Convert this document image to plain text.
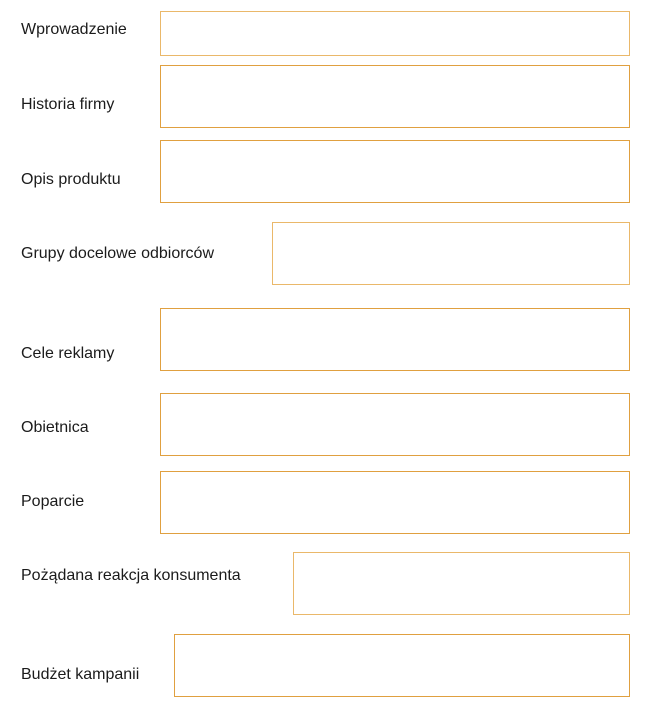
Wprowadzenie
Historia firmy
Opis produktu
Grupy docelowe odbiorców
Cele reklamy
Obietnica
Poparcie
Pożądana reakcja konsumenta
Budżet kampanii
